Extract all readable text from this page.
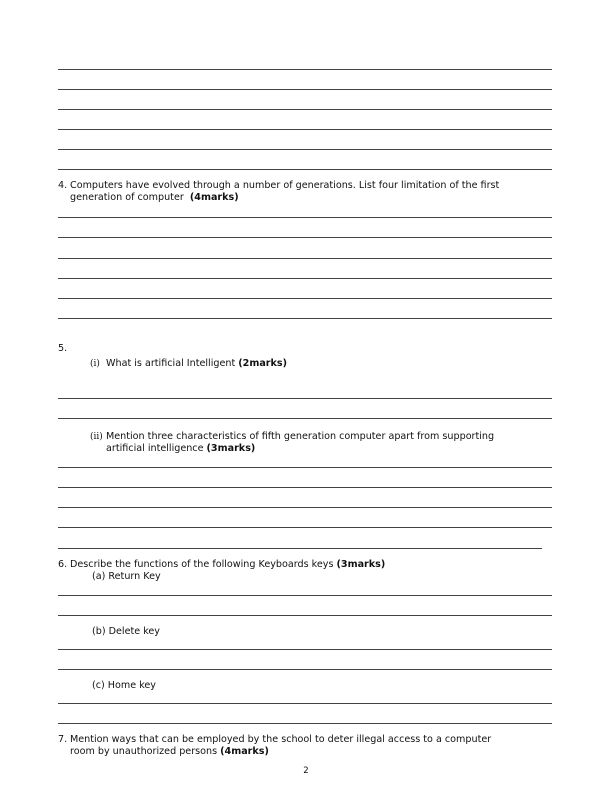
4. Computers have evolved through a number of generations. List four limitation of the first
generation of computer (4marks)
5.
(i) What is artificial Intelligent (2marks)
(ii) Mention three characteristics of fifth generation computer apart from supporting
artificial intelligence (3marks)
6. Describe the functions of the following Keyboards keys (3marks)
(a) Return Key
(b) Delete key
(c) Home key
7. Mention ways that can be employed by the school to deter illegal access to a computer
room by unauthorized persons (4marks)
2
